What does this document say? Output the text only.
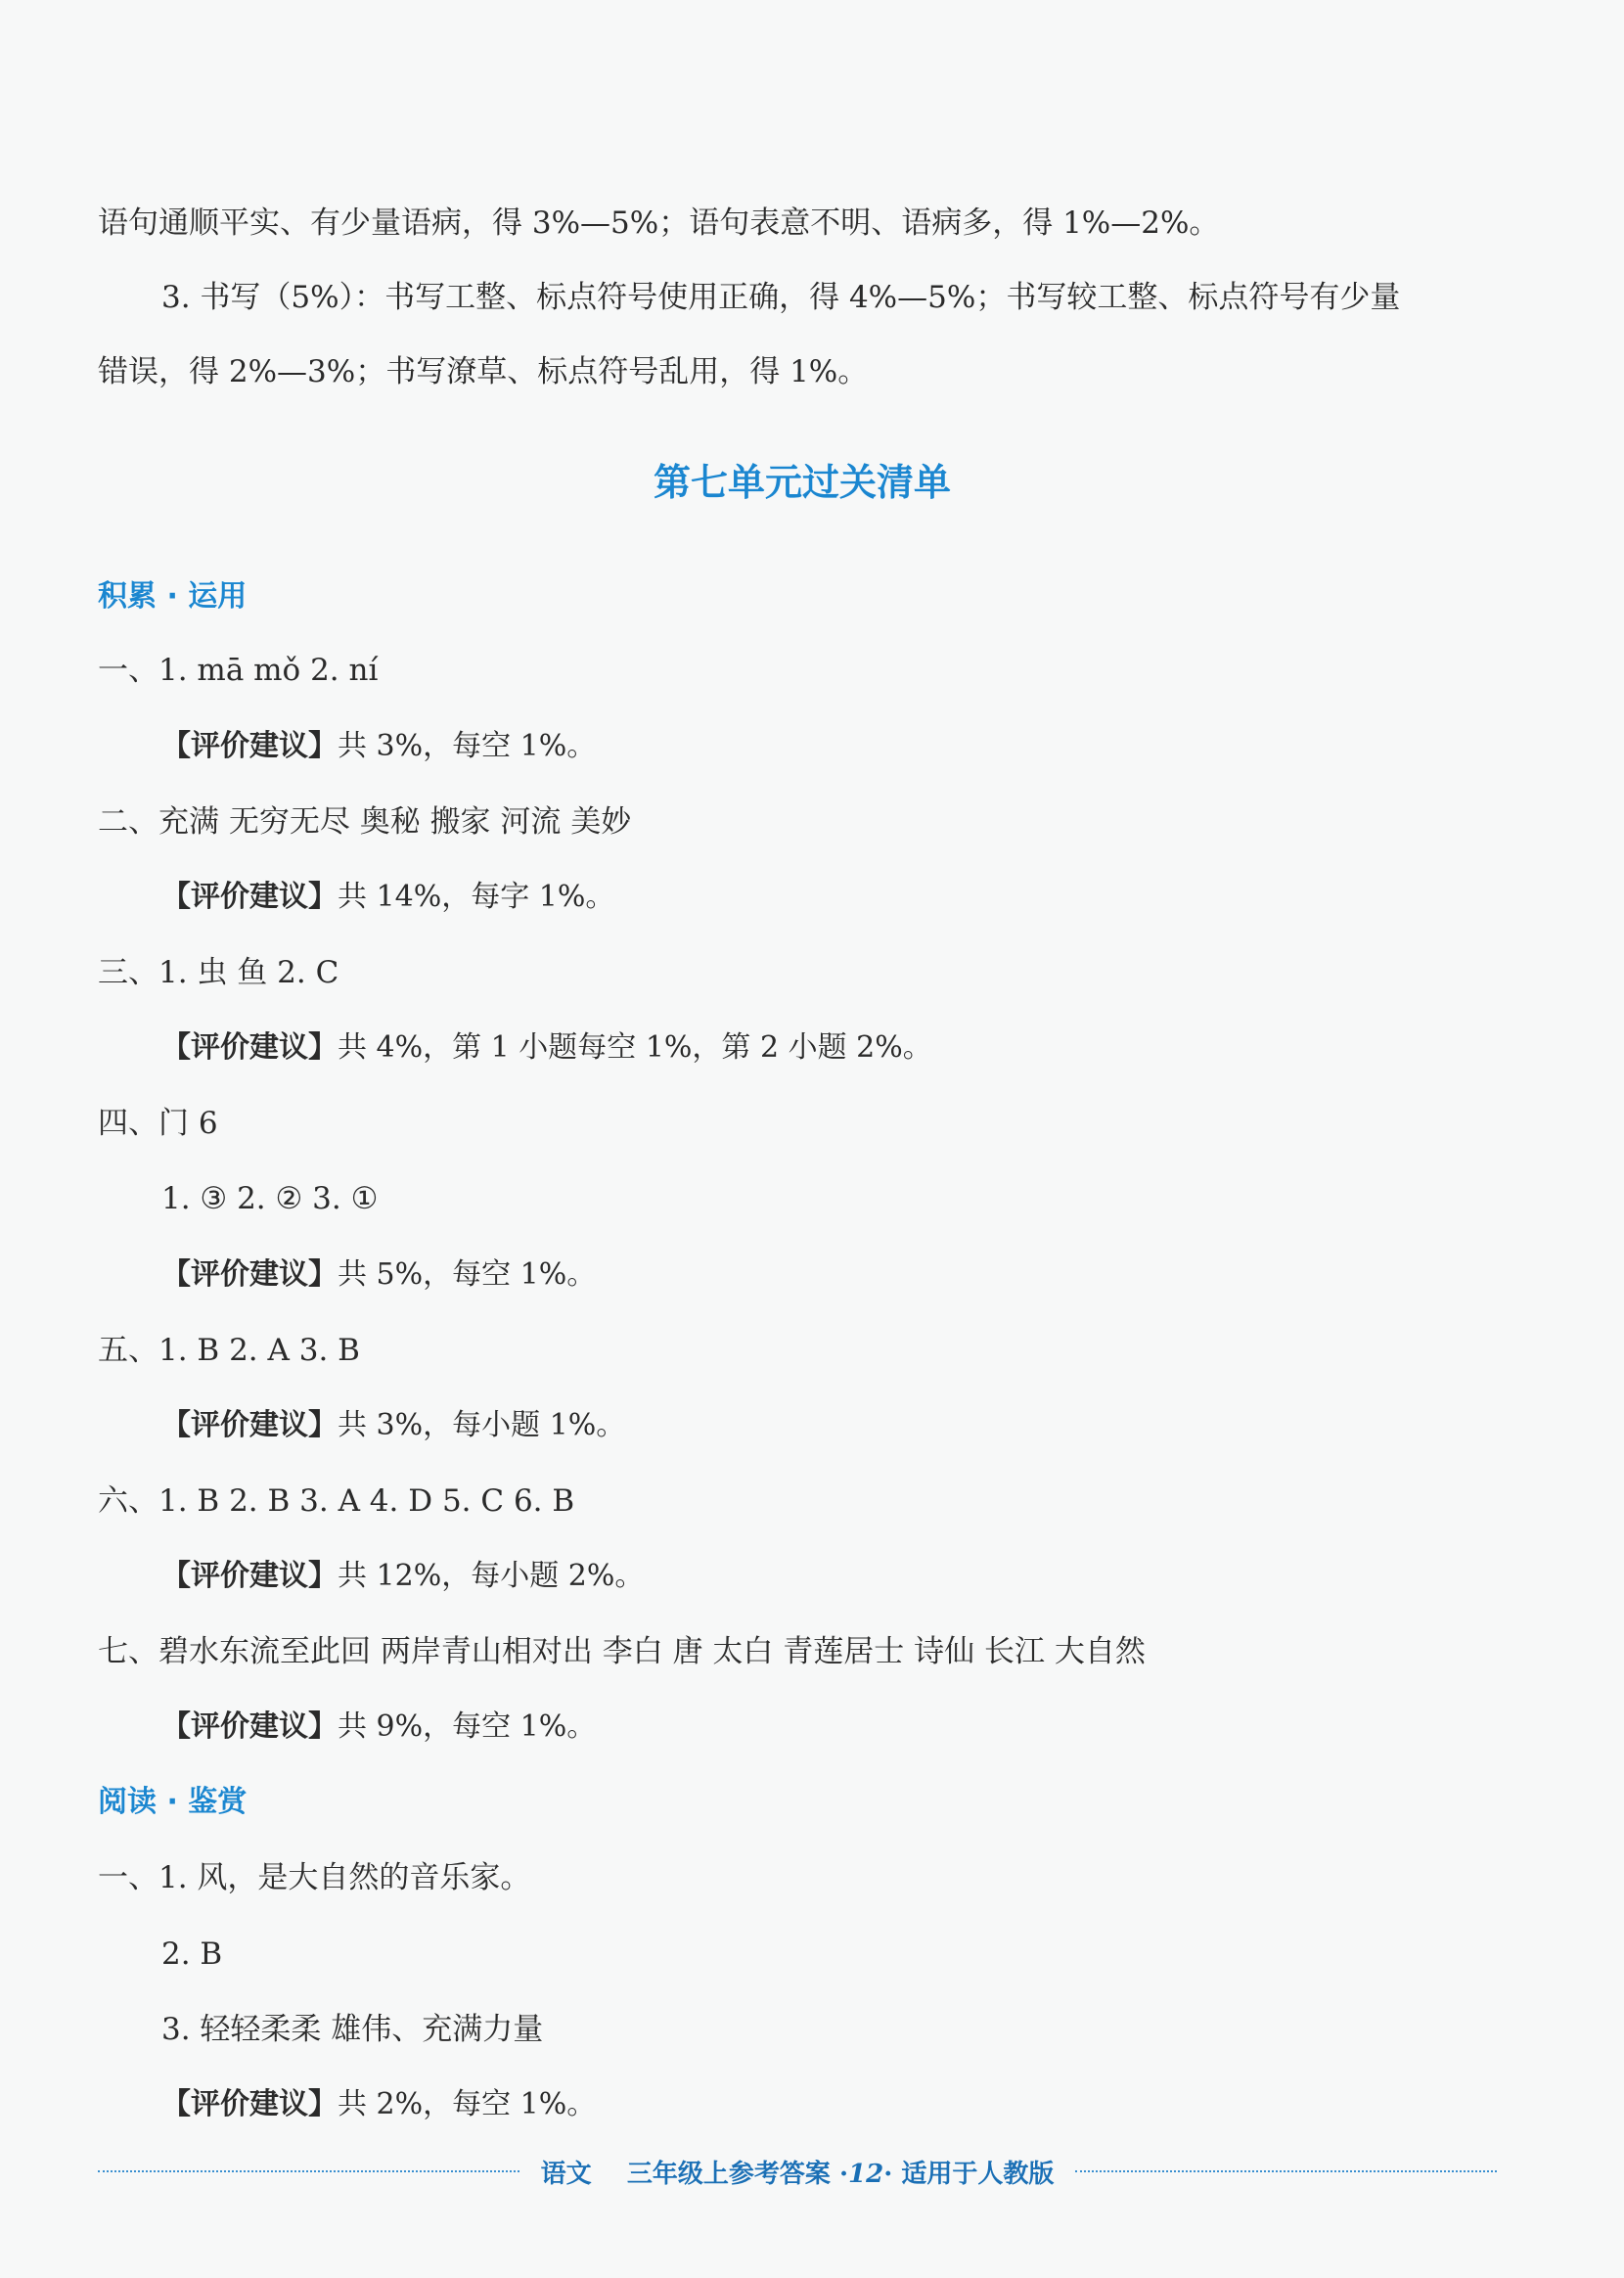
语句通顺平实、有少量语病，得 3%—5%；语句表意不明、语病多，得 1%—2%。
3. 书写（5%）：书写工整、标点符号使用正确，得 4%—5%；书写较工整、标点符号有少量
错误，得 2%—3%；书写潦草、标点符号乱用，得 1%。
第七单元过关清单
积累 · 运用
一、1. mā mǒ 2. ní
【评价建议】共 3%，每空 1%。
二、充满 无穷无尽 奥秘 搬家 河流 美妙
【评价建议】共 14%，每字 1%。
三、1. 虫 鱼 2. C
【评价建议】共 4%，第 1 小题每空 1%，第 2 小题 2%。
四、门 6
1. ③ 2. ② 3. ①
【评价建议】共 5%，每空 1%。
五、1. B 2. A 3. B
【评价建议】共 3%，每小题 1%。
六、1. B 2. B 3. A 4. D 5. C 6. B
【评价建议】共 12%，每小题 2%。
七、碧水东流至此回 两岸青山相对出 李白 唐 太白 青莲居士 诗仙 长江 大自然
【评价建议】共 9%，每空 1%。
阅读 · 鉴赏
一、1. 风，是大自然的音乐家。
2. B
3. 轻轻柔柔 雄伟、充满力量
【评价建议】共 2%，每空 1%。
语文 三年级上参考答案 ·12· 适用于人教版
